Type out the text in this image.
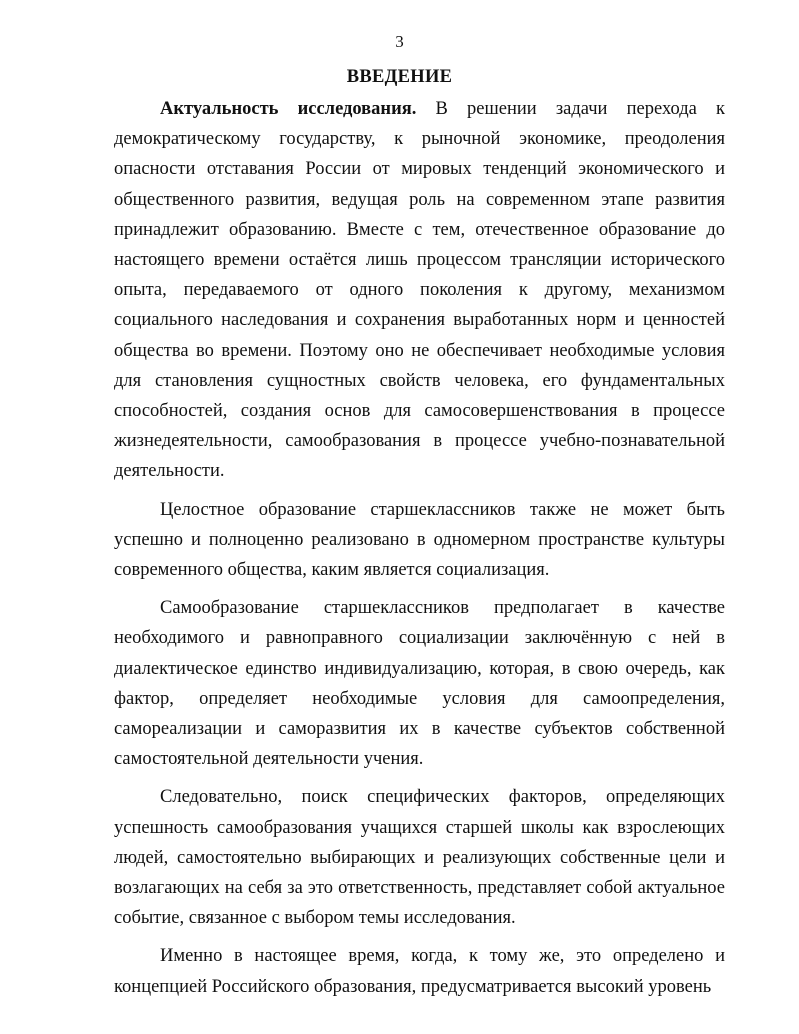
3
ВВЕДЕНИЕ

Актуальность исследования. В решении задачи перехода к демократическому государству, к рыночной экономике, преодоления опасности отставания России от мировых тенденций экономического и общественного развития, ведущая роль на современном этапе развития принадлежит образованию. Вместе с тем, отечественное образование до настоящего времени остаётся лишь процессом трансляции исторического опыта, передаваемого от одного поколения к другому, механизмом социального наследования и сохранения выработанных норм и ценностей общества во времени. Поэтому оно не обеспечивает необходимые условия для становления сущностных свойств человека, его фундаментальных способностей, создания основ для самосовершенствования в процессе жизнедеятельности, самообразования в процессе учебно-познавательной деятельности.

Целостное образование старшеклассников также не может быть успешно и полноценно реализовано в одномерном пространстве культуры современного общества, каким является социализация.

Самообразование старшеклассников предполагает в качестве необходимого и равноправного социализации заключённую с ней в диалектическое единство индивидуализацию, которая, в свою очередь, как фактор, определяет необходимые условия для самоопределения, самореализации и саморазвития их в качестве субъектов собственной самостоятельной деятельности учения.

Следовательно, поиск специфических факторов, определяющих успешность самообразования учащихся старшей школы как взрослеющих людей, самостоятельно выбирающих и реализующих собственные цели и возлагающих на себя за это ответственность, представляет собой актуальное событие, связанное с выбором темы исследования.

Именно в настоящее время, когда, к тому же, это определено и концепцией Российского образования, предусматривается высокий уровень
